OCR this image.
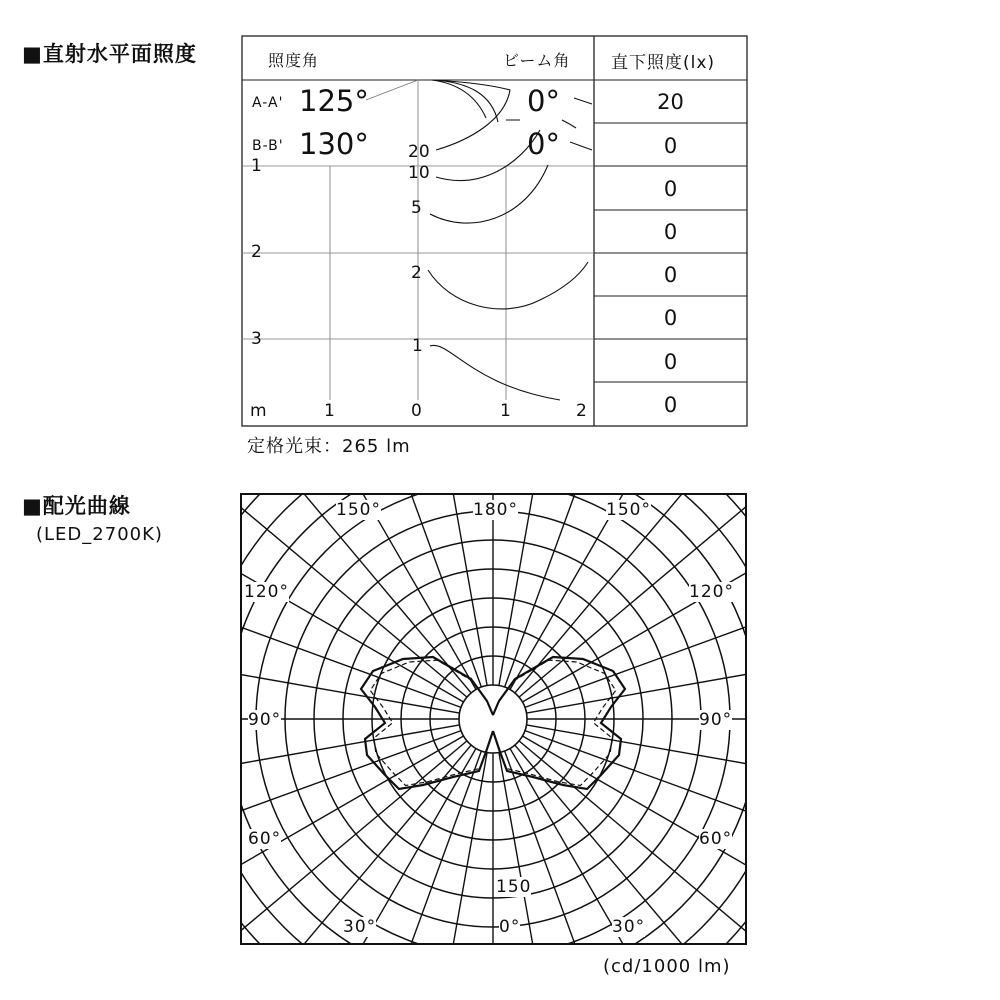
■直射水平面照度	照度角	ビーム角 直下照度(lx)
A-A' 125°	0°
B-B' 130°	0°
1
2
3
m	1	0	1	2
20
10
5
2
1
20
0
0
0
0
0
0
0
定格光束：265 lm
■配光曲線
(LED_2700K)
150°	180°	150°
120°	120°
90°	90°
60°	60°
30°	0°	30°
150
(cd/1000 lm)
